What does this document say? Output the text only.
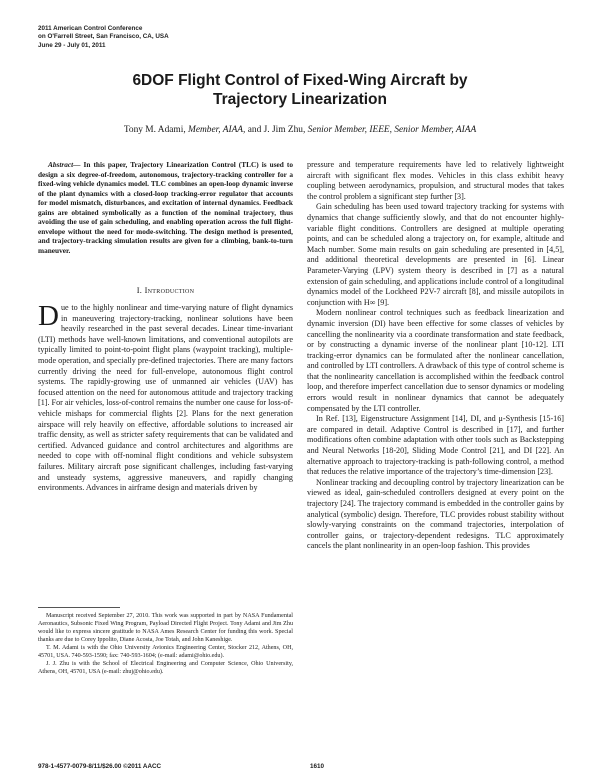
2011 American Control Conference
on O'Farrell Street, San Francisco, CA, USA
June 29 - July 01, 2011
6DOF Flight Control of Fixed-Wing Aircraft by
Trajectory Linearization
Tony M. Adami, Member, AIAA, and J. Jim Zhu, Senior Member, IEEE, Senior Member, AIAA

Abstract— In this paper, Trajectory Linearization Control (TLC) is used to design a six degree-of-freedom, autonomous, trajectory-tracking controller for a fixed-wing vehicle dynamics model. TLC combines an open-loop dynamic inverse of the plant dynamics with a closed-loop tracking-error regulator that accounts for model mismatch, disturbances, and excitation of internal dynamics. Feedback gains are obtained symbolically as a function of the nominal trajectory, thus avoiding the use of gain scheduling, and enabling operation across the full flight-envelope without the need for mode-switching. The design method is presented, and trajectory-tracking simulation results are given for a climbing, bank-to-turn maneuver.

I. Introduction

Due to the highly nonlinear and time-varying nature of flight dynamics in maneuvering trajectory-tracking, nonlinear solutions have been heavily researched in the past several decades. Linear time-invariant (LTI) methods have well-known limitations, and conventional autopilots are typically limited to point-to-point flight plans (waypoint tracking), multiple-mode operation, and specially pre-defined trajectories. There are many factors currently driving the need for full-envelope, autonomous flight control systems. The rapidly-growing use of unmanned air vehicles (UAV) has focused attention on the need for autonomous attitude and trajectory tracking [1]. For air vehicles, loss-of-control remains the number one cause for loss-of-vehicle mishaps for commercial flights [2]. Plans for the next generation airspace will rely heavily on effective, affordable solutions to increased air traffic density, as well as stricter safety requirements that can be validated and certified. Advanced guidance and control architectures and algorithms are needed to cope with off-nominal flight conditions and vehicle subsystem failures. Military aircraft pose significant challenges, including fast-varying and unsteady systems, aggressive maneuvers, and rapidly changing environments. Advances in airframe design and materials driven by

Manuscript received September 27, 2010. This work was supported in part by NASA Fundamental Aeronautics, Subsonic Fixed Wing Program, Payload Directed Flight Project. Tony Adami and Jim Zhu would like to express sincere gratitude to NASA Ames Research Center for funding this work. Special thanks are due to Corey Ippolito, Diane Acosta, Joe Totah, and John Kaneshige.

T. M. Adami is with the Ohio University Avionics Engineering Center, Stocker 212, Athens, OH, 45701, USA. 740-593-1590; fax: 740-593-1604; (e-mail: adami@ohio.edu).

J. J. Zhu is with the School of Electrical Engineering and Computer Science, Ohio University, Athens, OH, 45701, USA (e-mail: zhuj@ohio.edu).

pressure and temperature requirements have led to relatively lightweight aircraft with significant flex modes. Vehicles in this class exhibit heavy coupling between aerodynamics, propulsion, and structural modes that takes the control problem a significant step further [3].

Gain scheduling has been used toward trajectory tracking for systems with dynamics that change sufficiently slowly, and that do not encounter highly-variable flight conditions. Controllers are designed at multiple operating points, and can be scheduled along a trajectory on, for example, altitude and Mach number. Some main results on gain scheduling are presented in [4,5], and additional theoretical developments are presented in [6]. Linear Parameter-Varying (LPV) system theory is described in [7] as a natural extension of gain scheduling, and applications include control of a longitudinal dynamics model of the Lockheed P2V-7 aircraft [8], and missile autopilots in conjunction with H∞ [9].

Modern nonlinear control techniques such as feedback linearization and dynamic inversion (DI) have been effective for some classes of vehicles by cancelling the nonlinearity via a coordinate transformation and state feedback, or by constructing a dynamic inverse of the nonlinear plant [10-12]. LTI tracking-error dynamics can be formulated after the nonlinear cancellation, and controlled by LTI controllers. A drawback of this type of control scheme is that the nonlinearity cancellation is accomplished within the feedback control loop, and therefore imperfect cancellation due to sensor dynamics or modeling errors would result in nonlinear dynamics that cannot be adequately compensated by the LTI controller.

In Ref. [13], Eigenstructure Assignment [14], DI, and μ-Synthesis [15-16] are compared in detail. Adaptive Control is described in [17], and further modifications often combine adaptation with other tools such as Backstepping and Neural Networks [18-20], Sliding Mode Control [21], and DI [22]. An alternative approach to trajectory-tracking is path-following control, a method that reduces the relative importance of the trajectory’s time-dimension [23].

Nonlinear tracking and decoupling control by trajectory linearization can be viewed as ideal, gain-scheduled controllers designed at every point on the trajectory [24]. The trajectory command is embedded in the controller gains by analytical (symbolic) design. Therefore, TLC provides robust stability without slowly-varying constraints on the command trajectories, interpolation of controller gains, or trajectory-dependent redesigns. TLC approximately cancels the plant nonlinearity in an open-loop fashion. This provides

978-1-4577-0079-8/11/$26.00 ©2011 AACC	1610
